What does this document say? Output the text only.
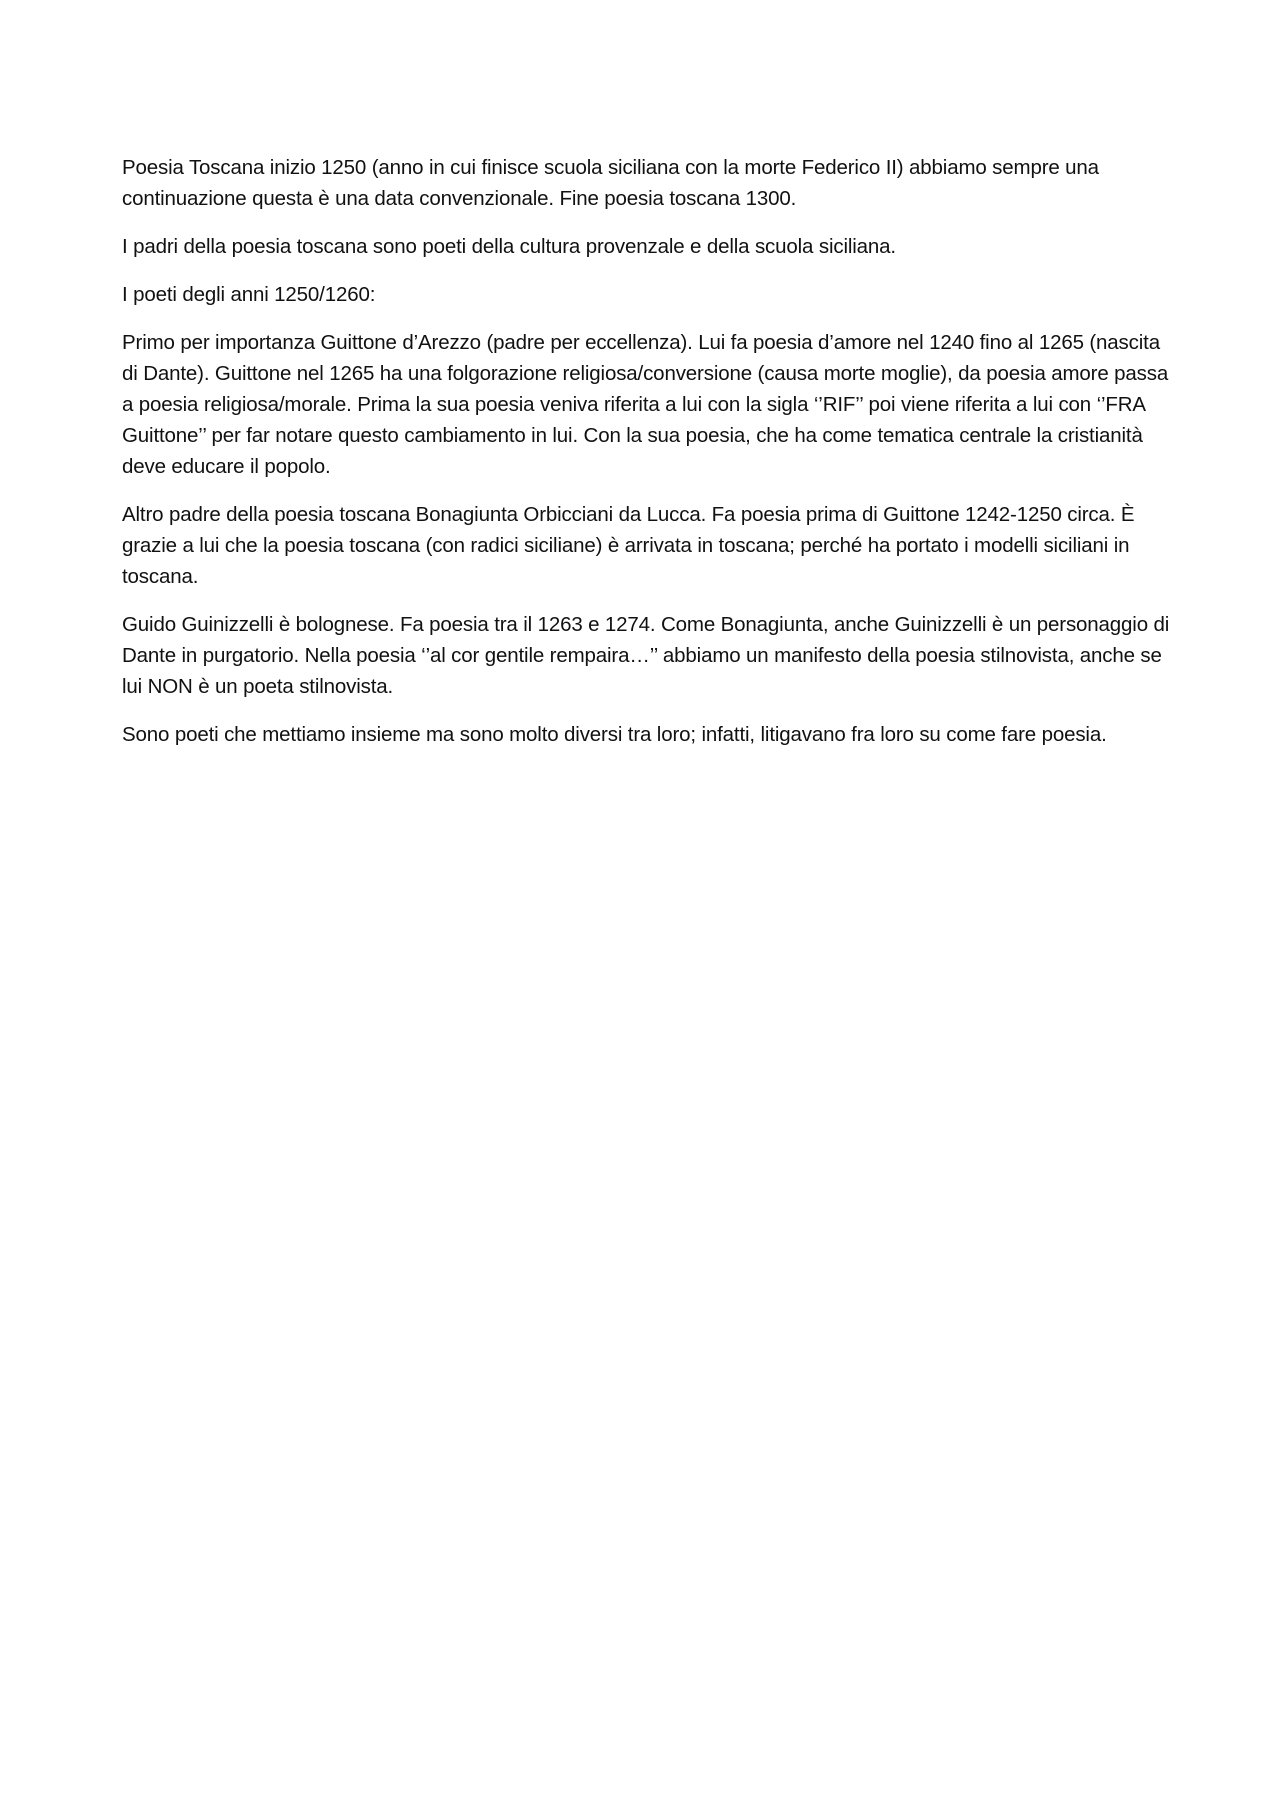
Poesia Toscana inizio 1250 (anno in cui finisce scuola siciliana con la morte Federico II) abbiamo sempre una continuazione questa è una data convenzionale. Fine poesia toscana 1300.

I padri della poesia toscana sono poeti della cultura provenzale e della scuola siciliana.

I poeti degli anni 1250/1260:

Primo per importanza Guittone d’Arezzo (padre per eccellenza). Lui fa poesia d’amore nel 1240 fino al 1265 (nascita di Dante). Guittone nel 1265 ha una folgorazione religiosa/conversione (causa morte moglie), da poesia amore passa a poesia religiosa/morale. Prima la sua poesia veniva riferita a lui con la sigla ‘’RIF’’ poi viene riferita a lui con ‘’FRA Guittone’’ per far notare questo cambiamento in lui. Con la sua poesia, che ha come tematica centrale la cristianità deve educare il popolo.

Altro padre della poesia toscana Bonagiunta Orbicciani da Lucca. Fa poesia prima di Guittone 1242-1250 circa. È grazie a lui che la poesia toscana (con radici siciliane) è arrivata in toscana; perché ha portato i modelli siciliani in toscana.

Guido Guinizzelli è bolognese. Fa poesia tra il 1263 e 1274. Come Bonagiunta, anche Guinizzelli è un personaggio di Dante in purgatorio. Nella poesia ‘’al cor gentile rempaira…’’ abbiamo un manifesto della poesia stilnovista, anche se lui NON è un poeta stilnovista.

Sono poeti che mettiamo insieme ma sono molto diversi tra loro; infatti, litigavano fra loro su come fare poesia.
